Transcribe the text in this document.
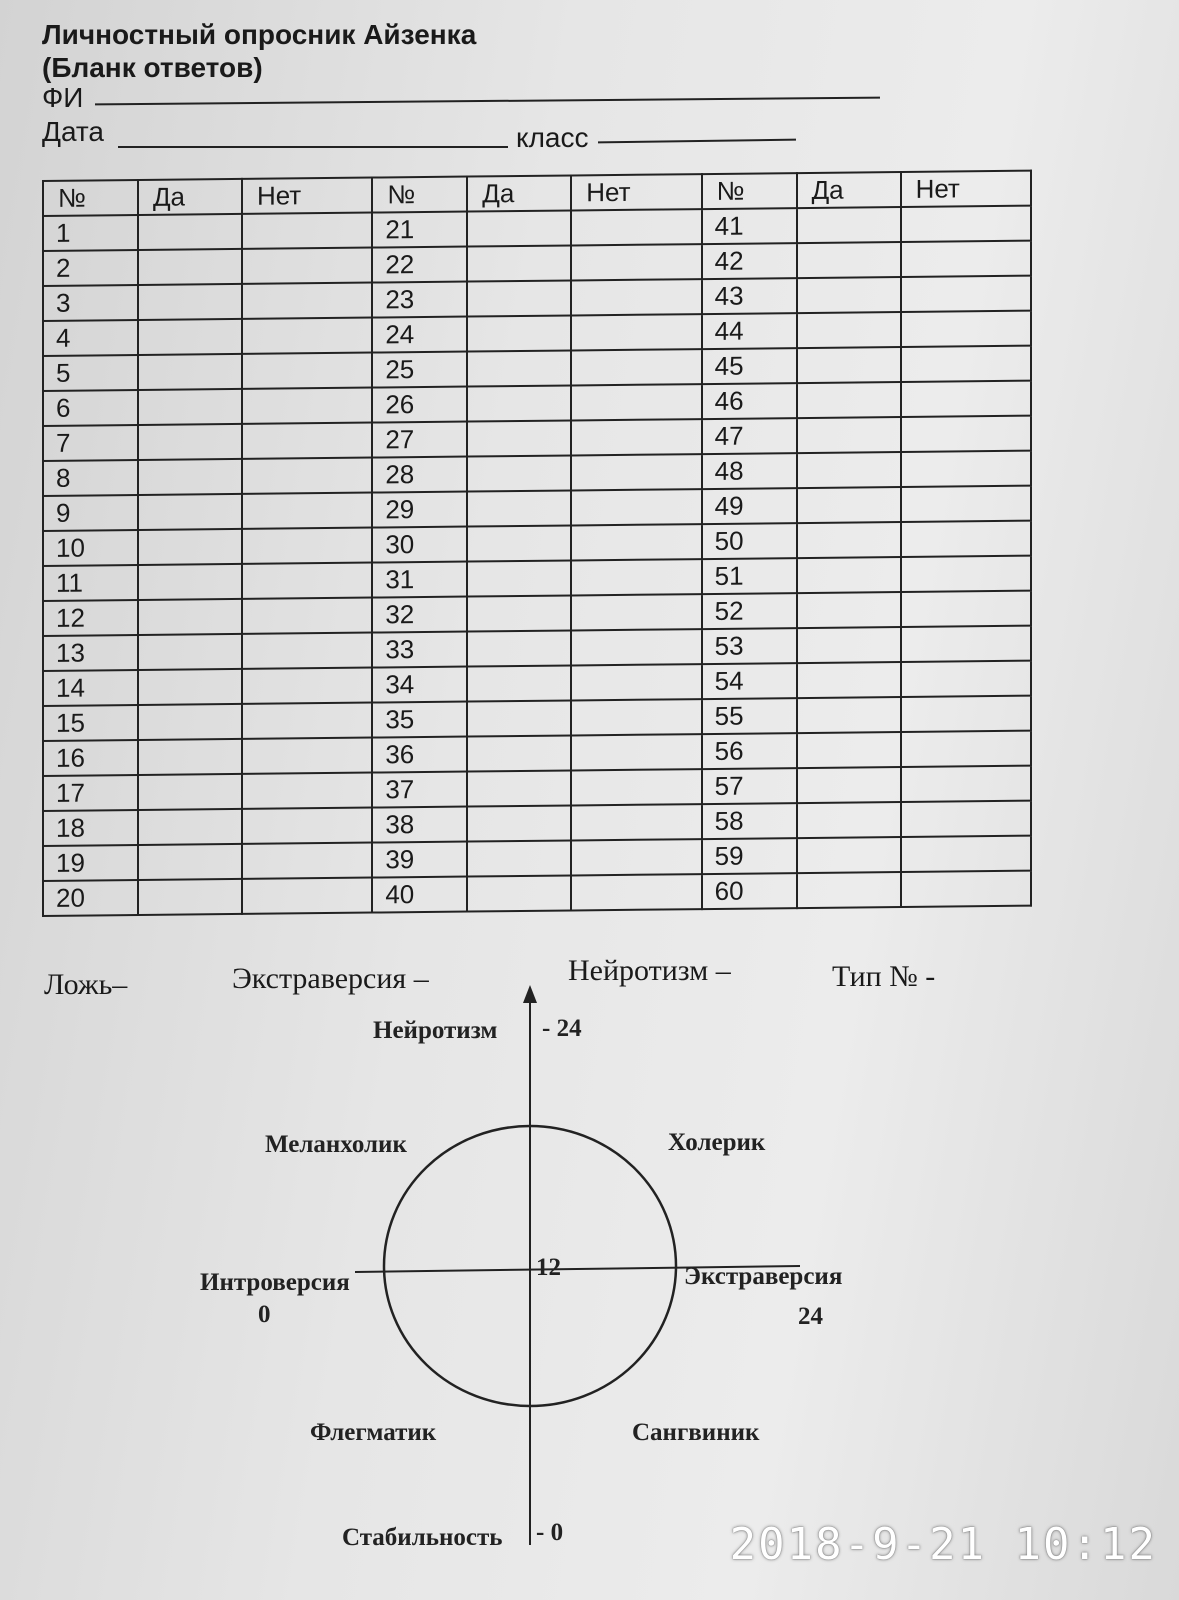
Личностный опросник Айзенка
(Бланк ответов)
ФИ
Дата	класс
№	Да	Нет	№	Да	Нет	№	Да	Нет
1			21			41		
2			22			42		
3			23			43		
4			24			44		
5			25			45		
6			26			46		
7			27			47		
8			28			48		
9			29			49		
10			30			50		
11			31			51		
12			32			52		
13			33			53		
14			34			54		
15			35			55		
16			36			56		
17			37			57		
18			38			58		
19			39			59		
20			40			60		
Ложь–	Экстраверсия –	Нейротизм –	Тип № -
Нейротизм - 24
Стабильность - 0
Интроверсия
0
Экстраверсия
24
12
Меланхолик	Холерик
Флегматик	Сангвиник
2018-9-21 10:12
